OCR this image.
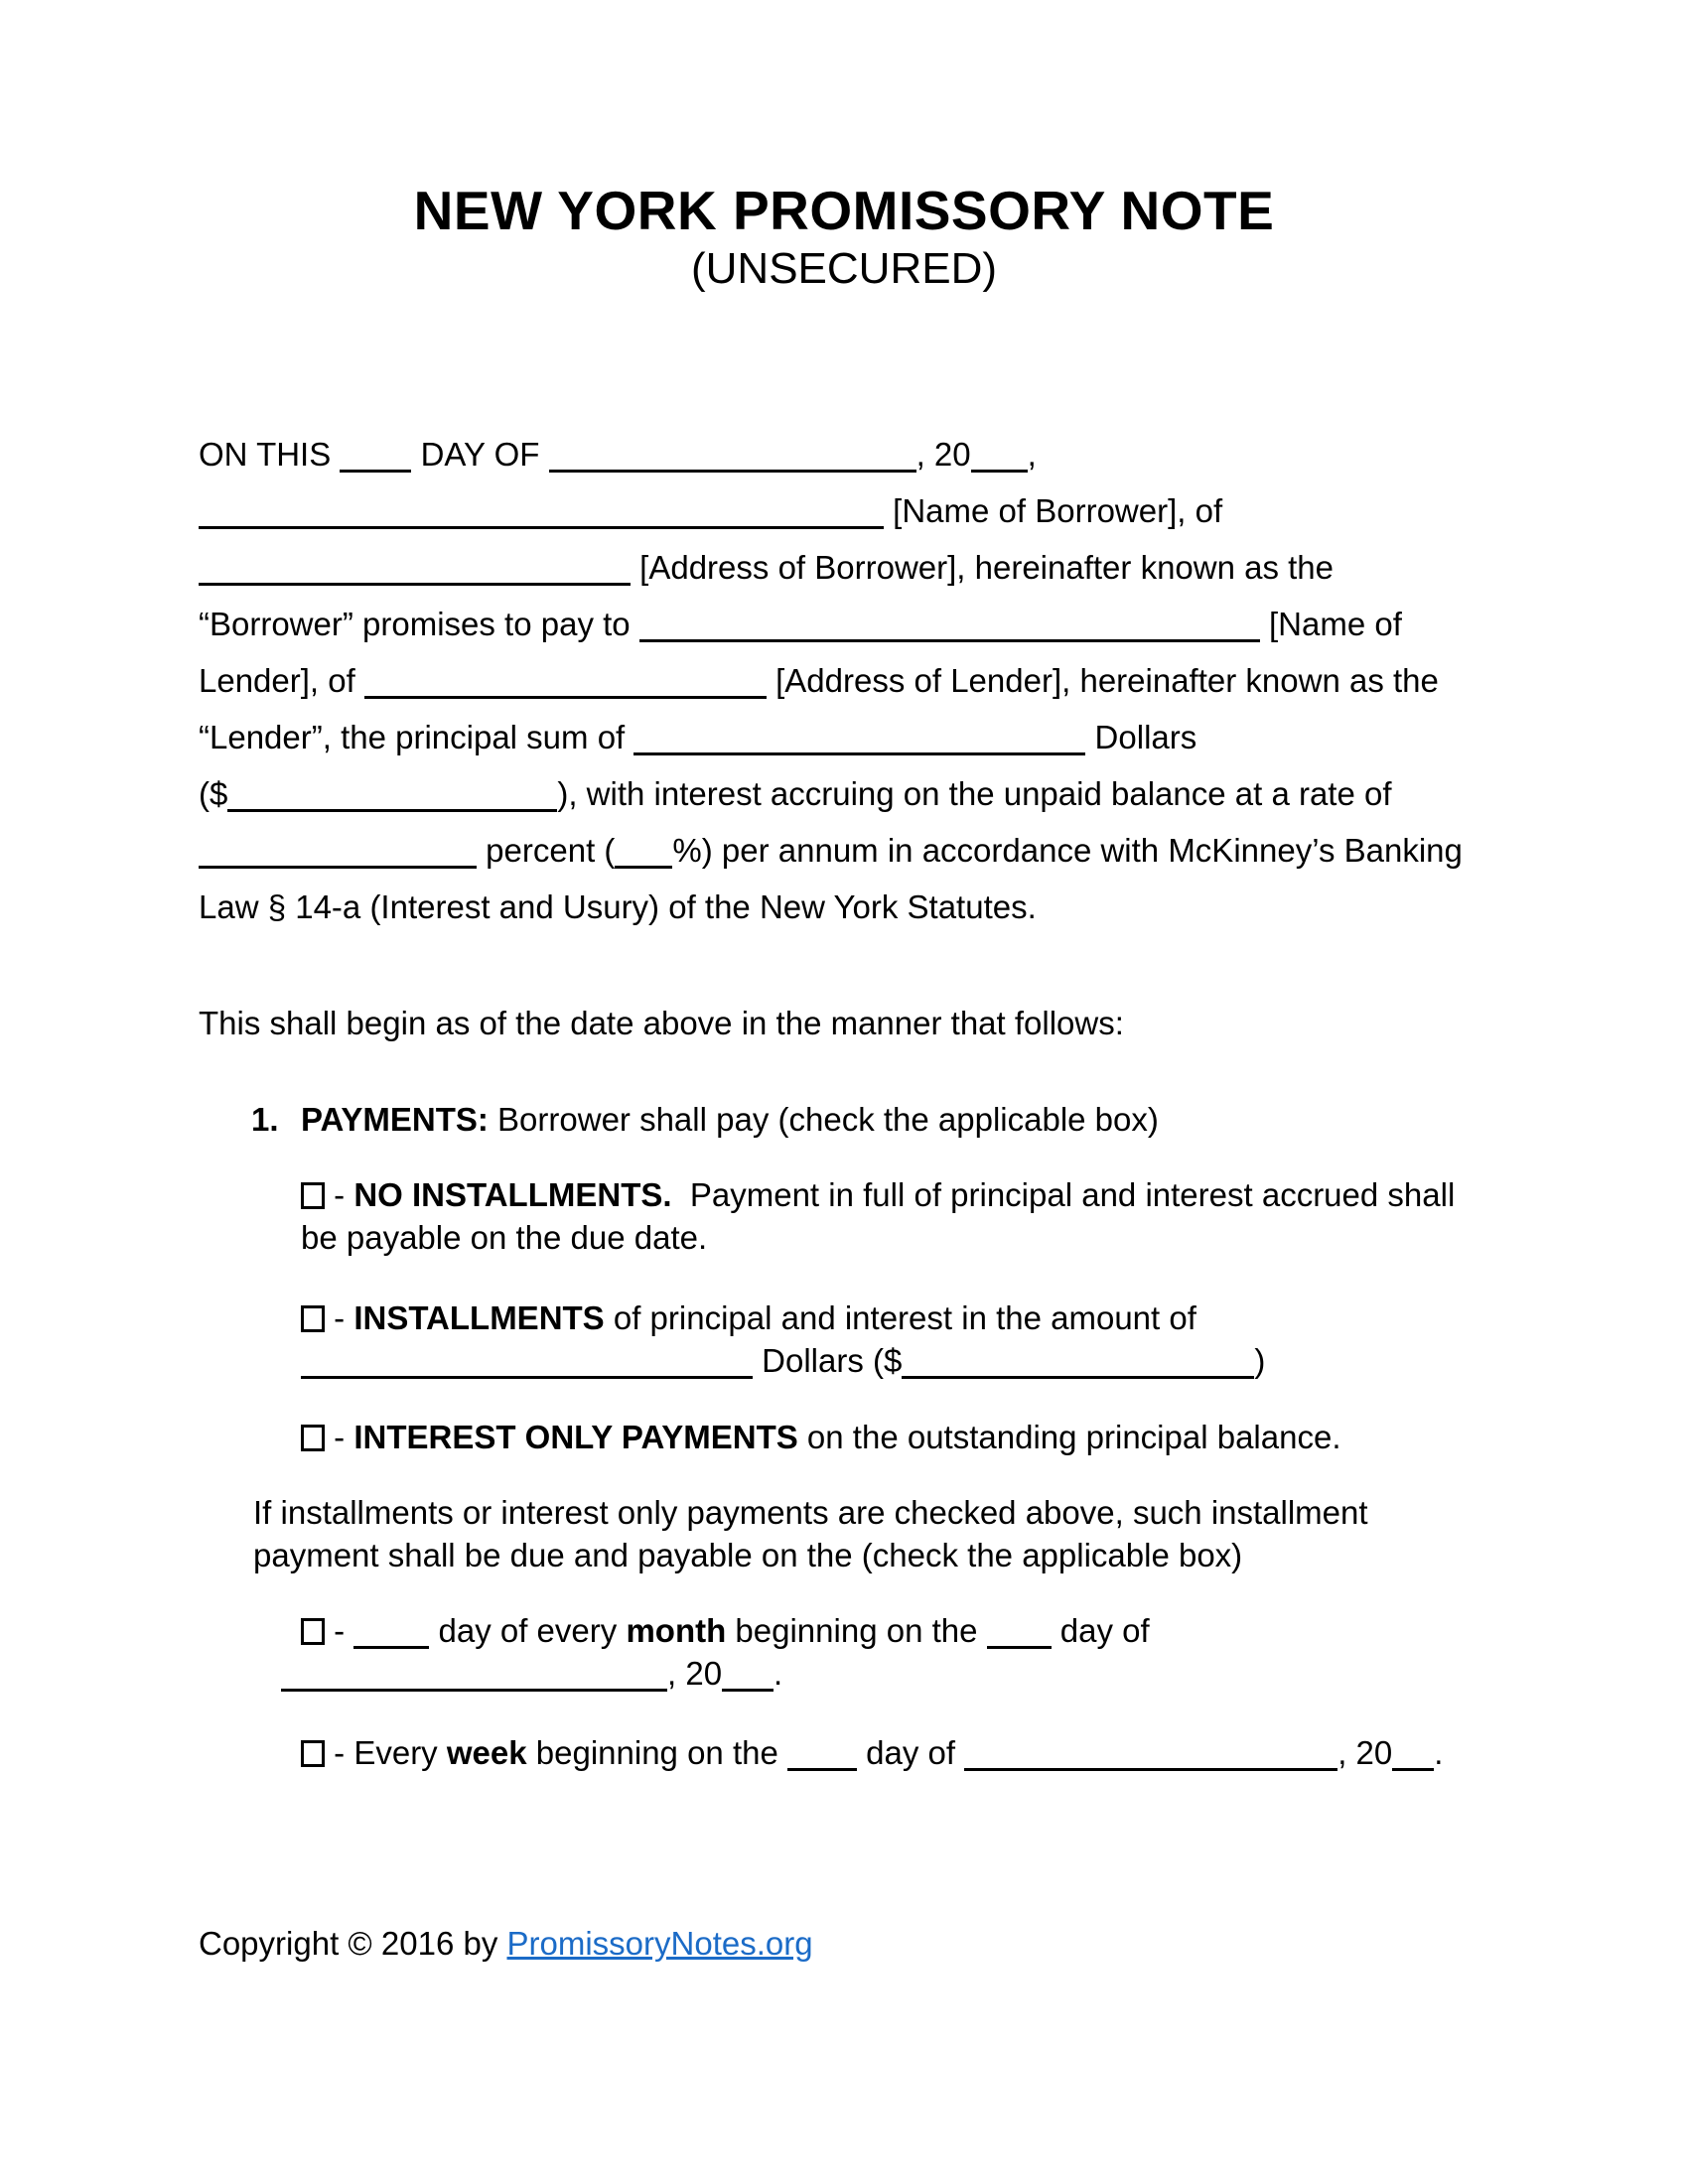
NEW YORK PROMISSORY NOTE
(UNSECURED)
ON THIS  DAY OF	, 20 ,
[Name of Borrower], of
[Address of Borrower], hereinafter known as the
“Borrower” promises to pay to	[Name of
Lender], of	[Address of Lender], hereinafter known as the
“Lender”, the principal sum of	Dollars
($	), with interest accruing on the unpaid balance at a rate of
percent ( %) per annum in accordance with McKinney’s Banking
Law § 14-a (Interest and Usury) of the New York Statutes.
This shall begin as of the date above in the manner that follows:
1. PAYMENTS: Borrower shall pay (check the applicable box)
- NO INSTALLMENTS.  Payment in full of principal and interest accrued shall
be payable on the due date.
- INSTALLMENTS of principal and interest in the amount of
Dollars ($	)
- INTEREST ONLY PAYMENTS on the outstanding principal balance.
If installments or interest only payments are checked above, such installment
payment shall be due and payable on the (check the applicable box)
-  day of every month beginning on the  day of
, 20 .
- Every week beginning on the  day of	, 20 .
Copyright © 2016 by PromissoryNotes.org
